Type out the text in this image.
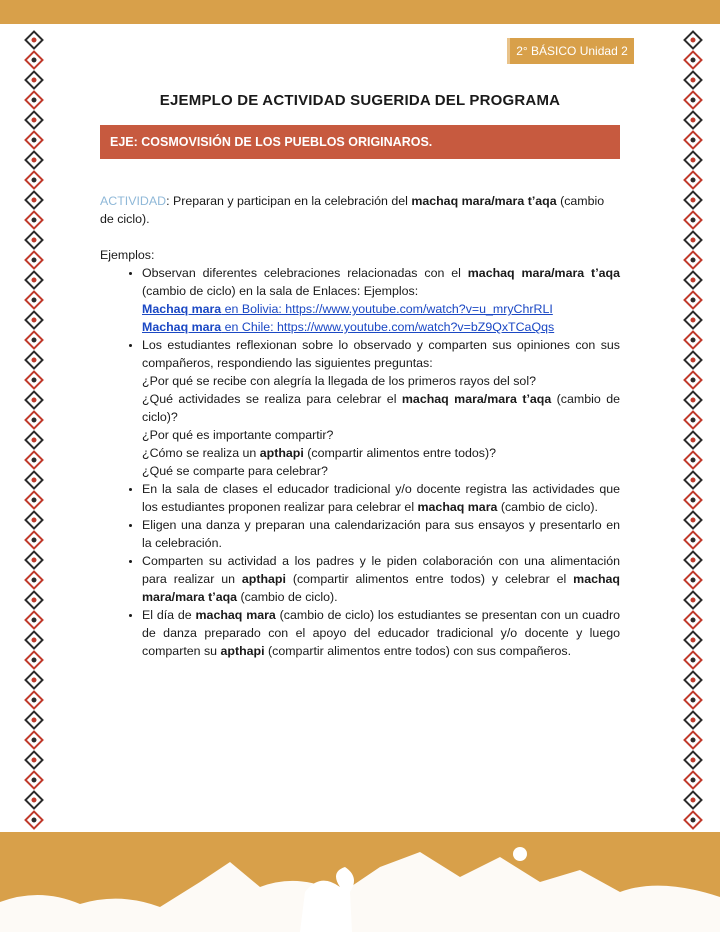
2° BÁSICO Unidad 2
EJEMPLO DE ACTIVIDAD SUGERIDA DEL PROGRAMA
EJE: COSMOVISIÓN DE LOS PUEBLOS ORIGINAROS.
ACTIVIDAD: Preparan y participan en la celebración del machaq mara/mara t’aqa (cambio de ciclo).
Ejemplos:
• Observan diferentes celebraciones relacionadas con el machaq mara/mara t’aqa (cambio de ciclo) en la sala de Enlaces: Ejemplos:
Machaq mara en Bolivia: https://www.youtube.com/watch?v=u_mryChrRLI
Machaq mara en Chile: https://www.youtube.com/watch?v=bZ9QxTCaQqs
• Los estudiantes reflexionan sobre lo observado y comparten sus opiniones con sus compañeros, respondiendo las siguientes preguntas:
¿Por qué se recibe con alegría la llegada de los primeros rayos del sol?
¿Qué actividades se realiza para celebrar el machaq mara/mara t’aqa (cambio de ciclo)?
¿Por qué es importante compartir?
¿Cómo se realiza un apthapi (compartir alimentos entre todos)?
¿Qué se comparte para celebrar?
• En la sala de clases el educador tradicional y/o docente registra las actividades que los estudiantes proponen realizar para celebrar el machaq mara (cambio de ciclo).
• Eligen una danza y preparan una calendarización para sus ensayos y presentarlo en la celebración.
• Comparten su actividad a los padres y le piden colaboración con una alimentación para realizar un apthapi (compartir alimentos entre todos) y celebrar el machaq mara/mara t’aqa (cambio de ciclo).
• El día de machaq mara (cambio de ciclo) los estudiantes se presentan con un cuadro de danza preparado con el apoyo del educador tradicional y/o docente y luego comparten su apthapi (compartir alimentos entre todos) con sus compañeros.
